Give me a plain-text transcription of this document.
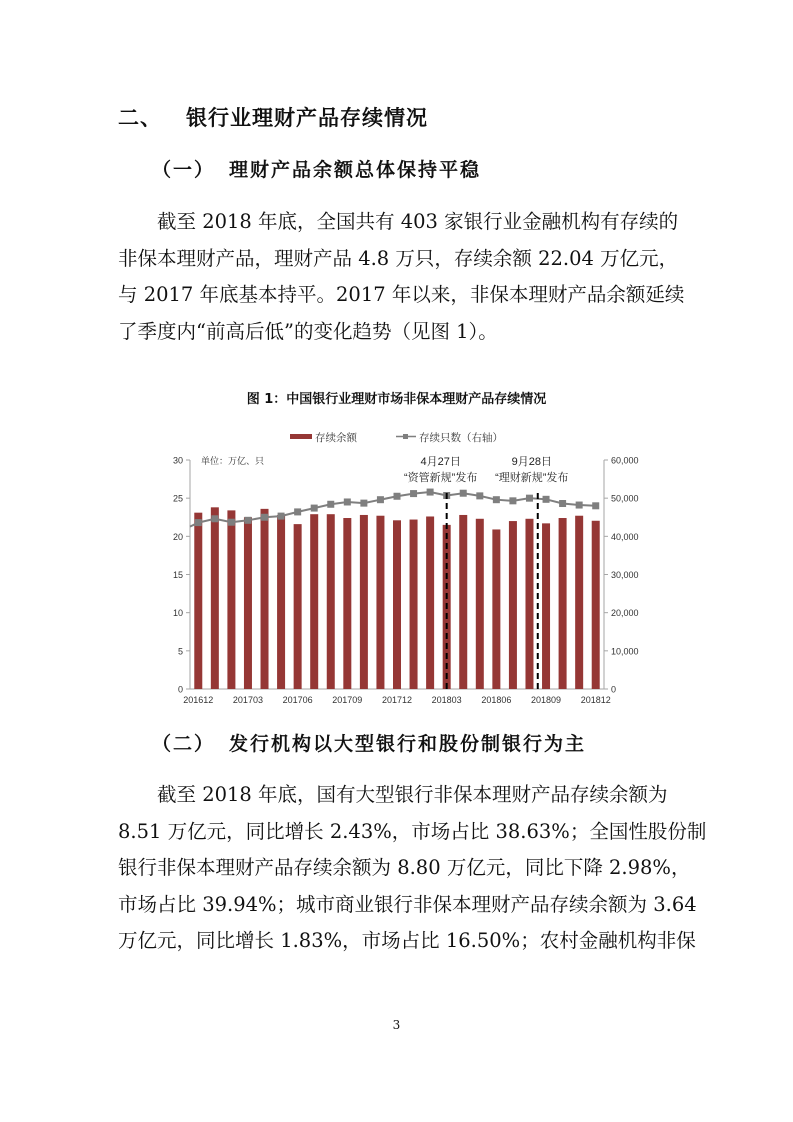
二、 银行业理财产品存续情况
（一） 理财产品余额总体保持平稳
截至 2018 年底，全国共有 403 家银行业金融机构有存续的
非保本理财产品，理财产品 4.8 万只，存续余额 22.04 万亿元，
与 2017 年底基本持平。2017 年以来，非保本理财产品余额延续
了季度内“前高后低”的变化趋势（见图 1）。
图 1：中国银行业理财市场非保本理财产品存续情况
存续余额	存续只数（右轴）
0
5
10
15
20
25
30
0
10,000
20,000
30,000
40,000
50,000
60,000
单位：万亿、只
201612 201703 201706 201709 201712 201803 201806 201809 201812
4月27日
“资管新规”发布
9月28日
“理财新规”发布
（二） 发行机构以大型银行和股份制银行为主
截至 2018 年底，国有大型银行非保本理财产品存续余额为
8.51 万亿元，同比增长 2.43%，市场占比 38.63%；全国性股份制
银行非保本理财产品存续余额为 8.80 万亿元，同比下降 2.98%，
市场占比 39.94%；城市商业银行非保本理财产品存续余额为 3.64
万亿元，同比增长 1.83%，市场占比 16.50%；农村金融机构非保
3
